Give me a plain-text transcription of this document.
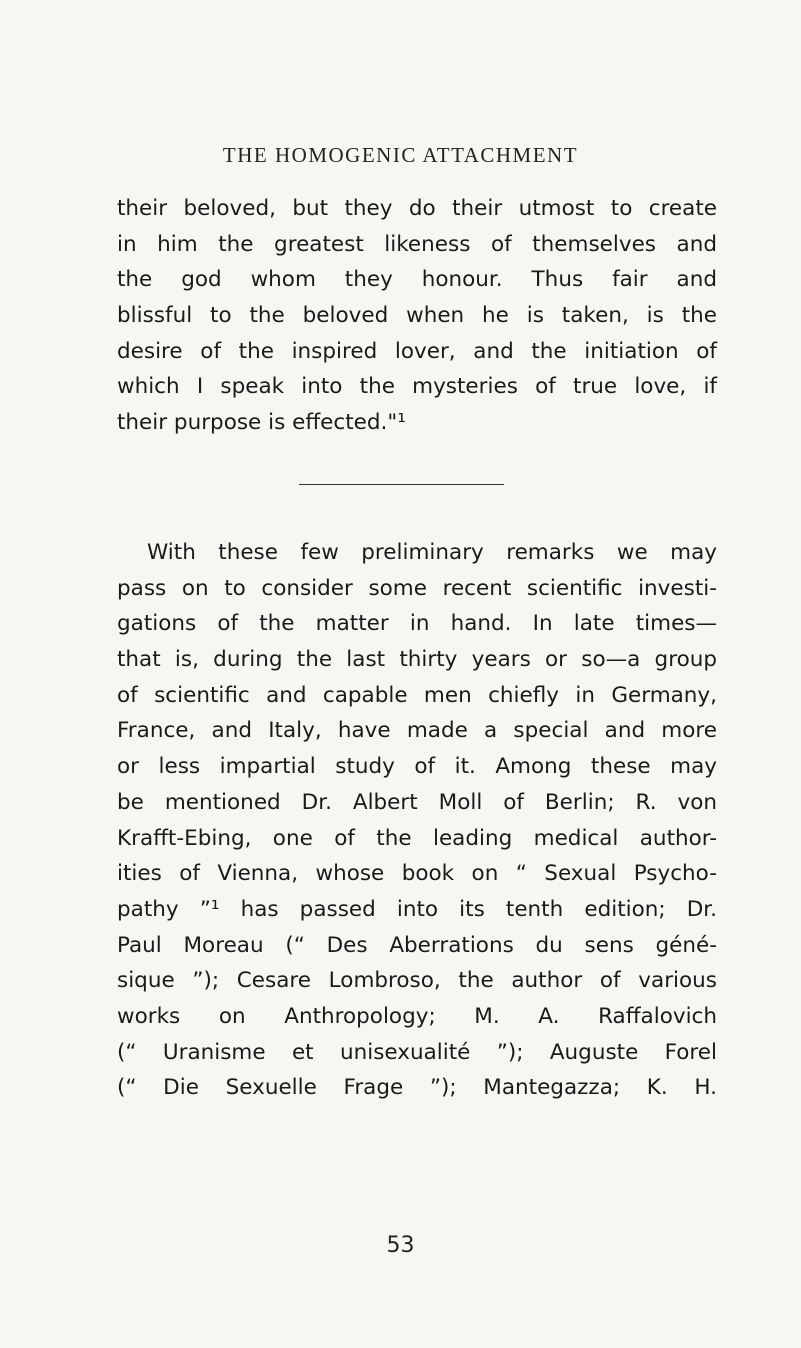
THE HOMOGENIC ATTACHMENT
their beloved, but they do their utmost to create
in him the greatest likeness of themselves and
the god whom they honour. Thus fair and
blissful to the beloved when he is taken, is the
desire of the inspired lover, and the initiation of
which I speak into the mysteries of true love, if
their purpose is effected."¹
With these few preliminary remarks we may
pass on to consider some recent scientific investi-
gations of the matter in hand. In late times—
that is, during the last thirty years or so—a group
of scientific and capable men chiefly in Germany,
France, and Italy, have made a special and more
or less impartial study of it. Among these may
be mentioned Dr. Albert Moll of Berlin; R. von
Krafft-Ebing, one of the leading medical author-
ities of Vienna, whose book on “ Sexual Psycho-
pathy ”¹ has passed into its tenth edition; Dr.
Paul Moreau (“ Des Aberrations du sens géné-
sique ”); Cesare Lombroso, the author of various
works on Anthropology; M. A. Raffalovich
(“ Uranisme et unisexualité ”); Auguste Forel
(“ Die Sexuelle Frage ”); Mantegazza; K. H.
53
